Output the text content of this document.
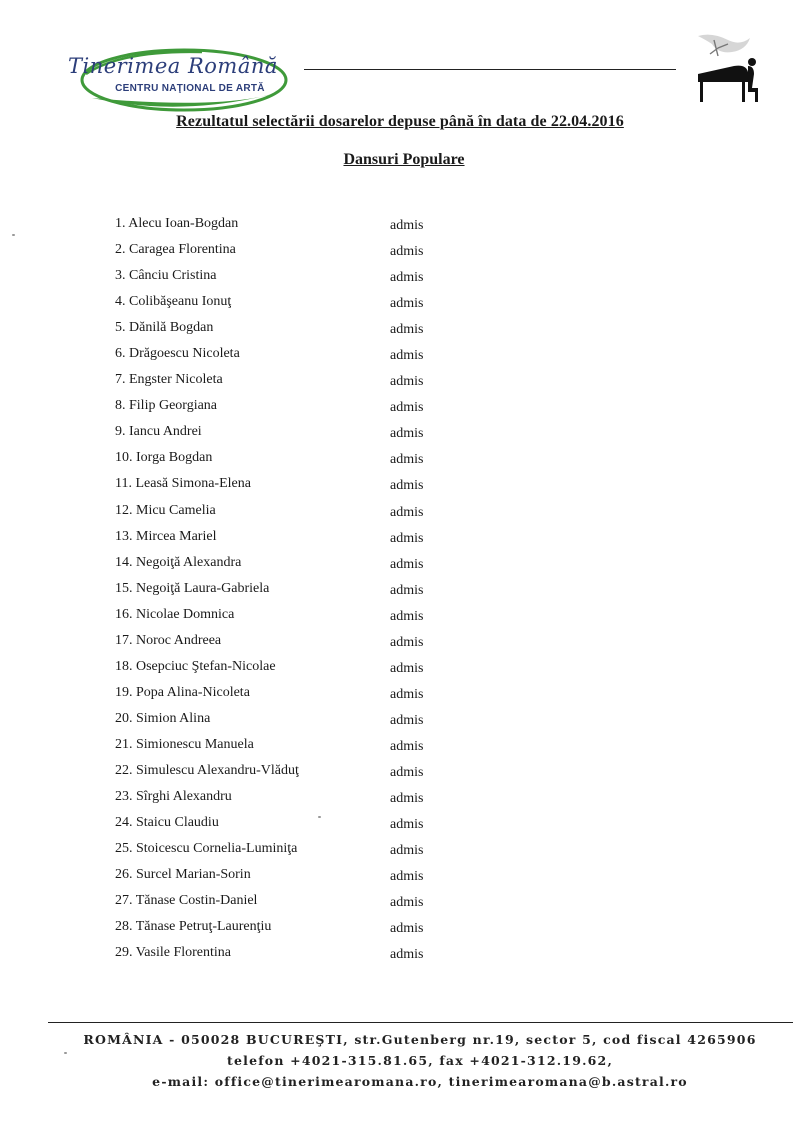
Tinerimea Română
CENTRU NAŢIONAL DE ARTĂ
Rezultatul selectării dosarelor depuse până în data de 22.04.2016
Dansuri Populare
1. Alecu Ioan-Bogdan	admis
2. Caragea Florentina	admis
3. Cânciu Cristina	admis
4. Colibăşeanu Ionuţ	admis
5. Dănilă Bogdan	admis
6. Drăgoescu Nicoleta	admis
7. Engster Nicoleta	admis
8. Filip Georgiana	admis
9. Iancu Andrei	admis
10. Iorga Bogdan	admis
11. Leasă Simona-Elena	admis
12. Micu Camelia	admis
13. Mircea Mariel	admis
14. Negoiţă Alexandra	admis
15. Negoiţă Laura-Gabriela	admis
16. Nicolae Domnica	admis
17. Noroc Andreea	admis
18. Osepciuc Ştefan-Nicolae	admis
19. Popa Alina-Nicoleta	admis
20. Simion Alina	admis
21. Simionescu Manuela	admis
22. Simulescu Alexandru-Vlăduţ	admis
23. Sîrghi Alexandru	admis
24. Staicu Claudiu	admis
25. Stoicescu Cornelia-Luminiţa	admis
26. Surcel Marian-Sorin	admis
27. Tănase Costin-Daniel	admis
28. Tănase Petruţ-Laurenţiu	admis
29. Vasile Florentina	admis
ROMÂNIA - 050028 BUCUREŞTI, str.Gutenberg nr.19, sector 5, cod fiscal 4265906
telefon +4021-315.81.65, fax +4021-312.19.62,
e-mail: office@tinerimearomana.ro, tinerimearomana@b.astral.ro
